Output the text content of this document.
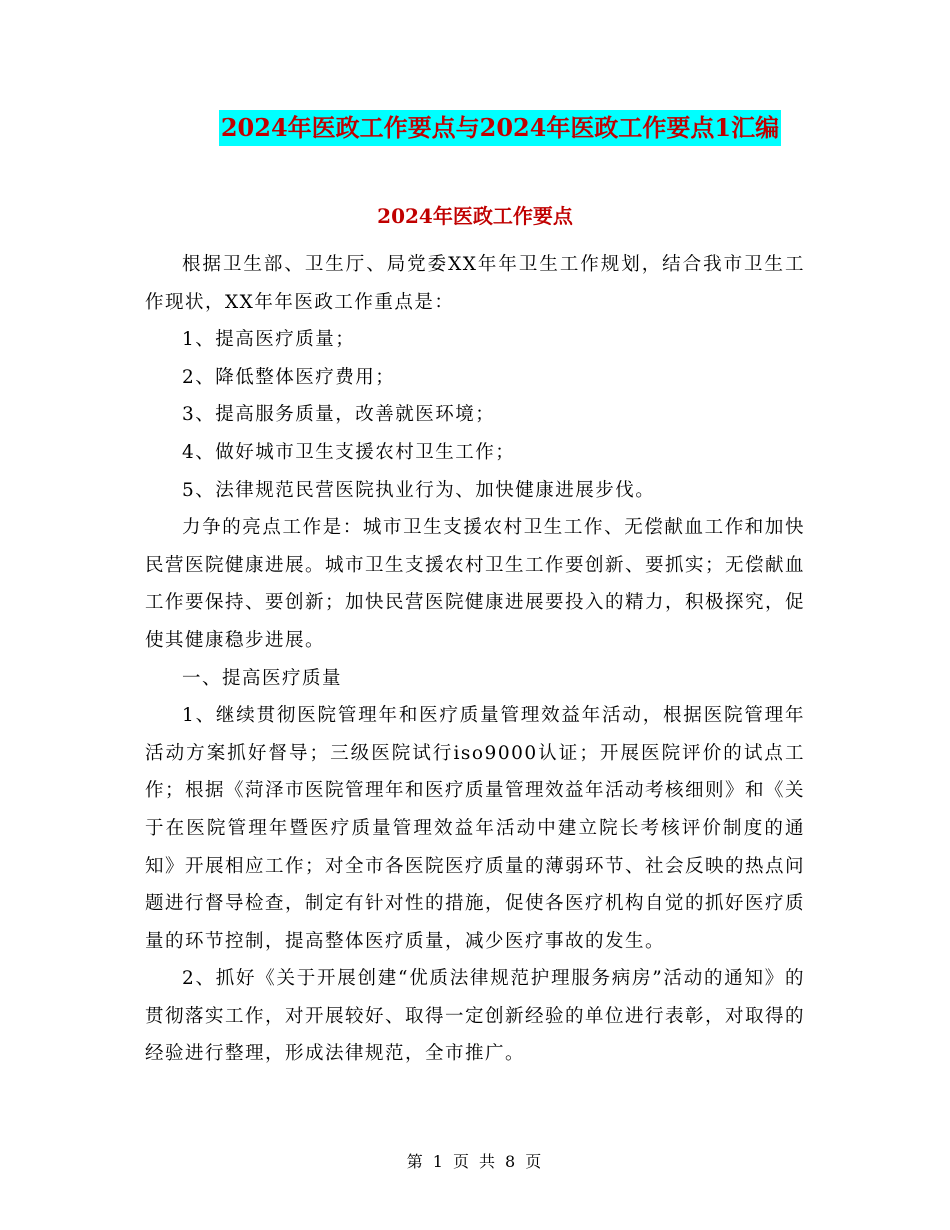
2024年医政工作要点与2024年医政工作要点1汇编
2024年医政工作要点

根据卫生部、卫生厅、局党委XX年年卫生工作规划，结合我市卫生工作现状，XX年年医政工作重点是：

1、提高医疗质量；

2、降低整体医疗费用；

3、提高服务质量，改善就医环境；

4、做好城市卫生支援农村卫生工作；

5、法律规范民营医院执业行为、加快健康进展步伐。

力争的亮点工作是：城市卫生支援农村卫生工作、无偿献血工作和加快民营医院健康进展。城市卫生支援农村卫生工作要创新、要抓实；无偿献血工作要保持、要创新；加快民营医院健康进展要投入的精力，积极探究，促使其健康稳步进展。

一、提高医疗质量

1、继续贯彻医院管理年和医疗质量管理效益年活动，根据医院管理年活动方案抓好督导；三级医院试行iso9000认证；开展医院评价的试点工作；根据《菏泽市医院管理年和医疗质量管理效益年活动考核细则》和《关于在医院管理年暨医疗质量管理效益年活动中建立院长考核评价制度的通知》开展相应工作；对全市各医院医疗质量的薄弱环节、社会反映的热点问题进行督导检查，制定有针对性的措施，促使各医疗机构自觉的抓好医疗质量的环节控制，提高整体医疗质量，减少医疗事故的发生。

2、抓好《关于开展创建“优质法律规范护理服务病房”活动的通知》的贯彻落实工作，对开展较好、取得一定创新经验的单位进行表彰，对取得的经验进行整理，形成法律规范，全市推广。

第 1 页 共 8 页
